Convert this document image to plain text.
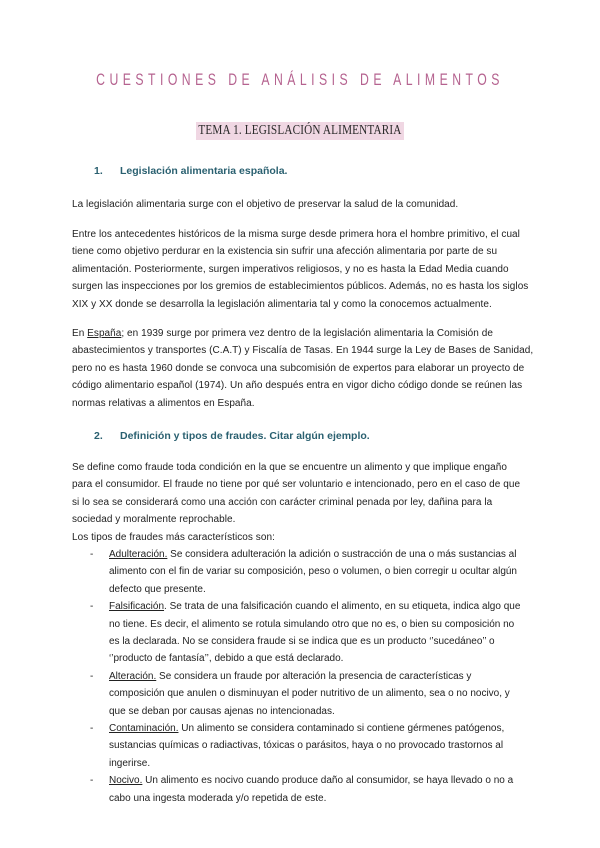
CUESTIONES DE ANÁLISIS DE ALIMENTOS
TEMA 1. LEGISLACIÓN ALIMENTARIA
1. Legislación alimentaria española.
La legislación alimentaria surge con el objetivo de preservar la salud de la comunidad.
Entre los antecedentes históricos de la misma surge desde primera hora el hombre primitivo, el cual
tiene como objetivo perdurar en la existencia sin sufrir una afección alimentaria por parte de su
alimentación. Posteriormente, surgen imperativos religiosos, y no es hasta la Edad Media cuando
surgen las inspecciones por los gremios de establecimientos públicos. Además, no es hasta los siglos
XIX y XX donde se desarrolla la legislación alimentaria tal y como la conocemos actualmente.
En España; en 1939 surge por primera vez dentro de la legislación alimentaria la Comisión de
abastecimientos y transportes (C.A.T) y Fiscalía de Tasas. En 1944 surge la Ley de Bases de Sanidad,
pero no es hasta 1960 donde se convoca una subcomisión de expertos para elaborar un proyecto de
código alimentario español (1974). Un año después entra en vigor dicho código donde se reúnen las
normas relativas a alimentos en España.
2. Definición y tipos de fraudes. Citar algún ejemplo.
Se define como fraude toda condición en la que se encuentre un alimento y que implique engaño
para el consumidor. El fraude no tiene por qué ser voluntario e intencionado, pero en el caso de que
si lo sea se considerará como una acción con carácter criminal penada por ley, dañina para la
sociedad y moralmente reprochable.
Los tipos de fraudes más característicos son:
- Adulteración. Se considera adulteración la adición o sustracción de una o más sustancias al
alimento con el fin de variar su composición, peso o volumen, o bien corregir u ocultar algún
defecto que presente.
- Falsificación. Se trata de una falsificación cuando el alimento, en su etiqueta, indica algo que
no tiene. Es decir, el alimento se rotula simulando otro que no es, o bien su composición no
es la declarada. No se considera fraude si se indica que es un producto ‘’sucedáneo’’ o
‘’producto de fantasía’’, debido a que está declarado.
- Alteración. Se considera un fraude por alteración la presencia de características y
composición que anulen o disminuyan el poder nutritivo de un alimento, sea o no nocivo, y
que se deban por causas ajenas no intencionadas.
- Contaminación. Un alimento se considera contaminado si contiene gérmenes patógenos,
sustancias químicas o radiactivas, tóxicas o parásitos, haya o no provocado trastornos al
ingerirse.
- Nocivo. Un alimento es nocivo cuando produce daño al consumidor, se haya llevado o no a
cabo una ingesta moderada y/o repetida de este.
